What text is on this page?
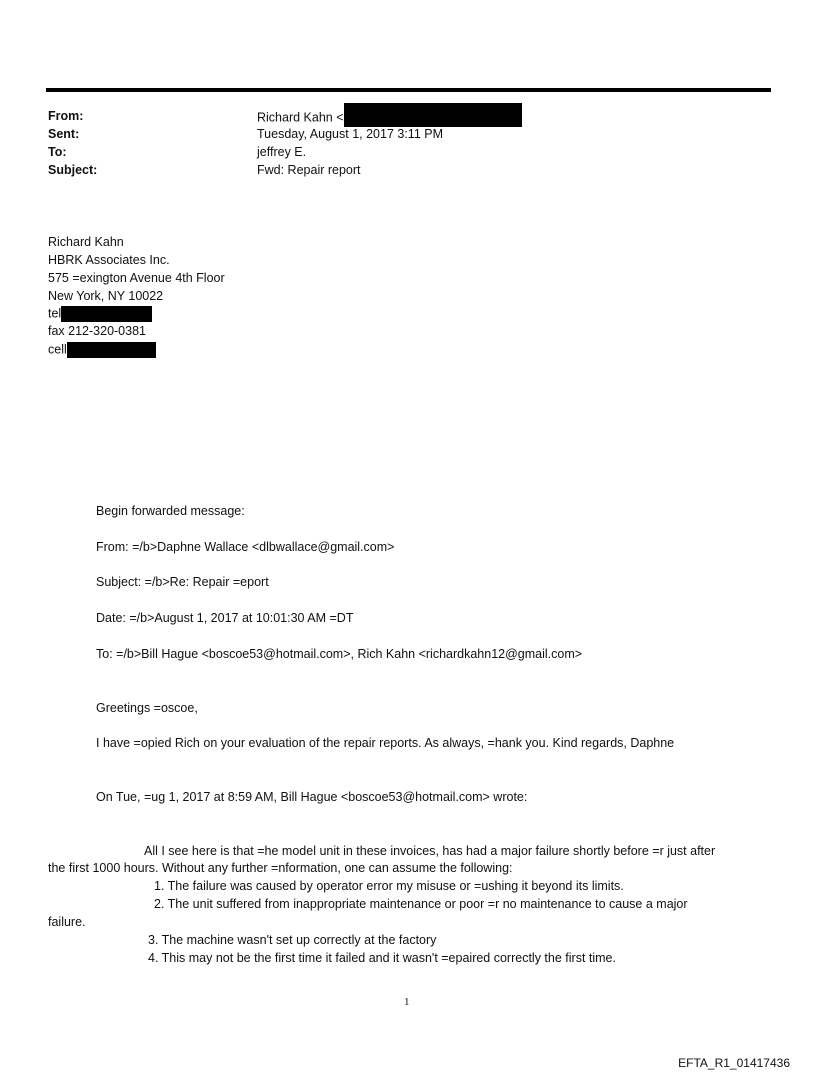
From:	Richard Kahn <
Sent:	Tuesday, August 1, 2017 3:11 PM
To:	jeffrey E.
Subject:	Fwd: Repair report
Richard Kahn
HBRK Associates Inc.
575 =exington Avenue 4th Floor
New York, NY 10022
tel
fax 212-320-0381
cell
Begin forwarded message:
From: =/b>Daphne Wallace <dlbwallace@gmail.com>
Subject: =/b>Re: Repair =eport
Date: =/b>August 1, 2017 at 10:01:30 AM =DT
To: =/b>Bill Hague <boscoe53@hotmail.com>, Rich Kahn <richardkahn12@gmail.com>
Greetings =oscoe,
I have =opied Rich on your evaluation of the repair reports. As always, =hank you. Kind regards, Daphne
On Tue, =ug 1, 2017 at 8:59 AM, Bill Hague <boscoe53@hotmail.com> wrote:
All I see here is that =he model unit in these invoices, has had a major failure shortly before =r just after
the first 1000 hours. Without any further =nformation, one can assume the following:
1. The failure was caused by operator error my misuse or =ushing it beyond its limits.
2. The unit suffered from inappropriate maintenance or poor =r no maintenance to cause a major
failure.
3. The machine wasn't set up correctly at the factory
4. This may not be the first time it failed and it wasn't =epaired correctly the first time.
1
EFTA_R1_01417436
